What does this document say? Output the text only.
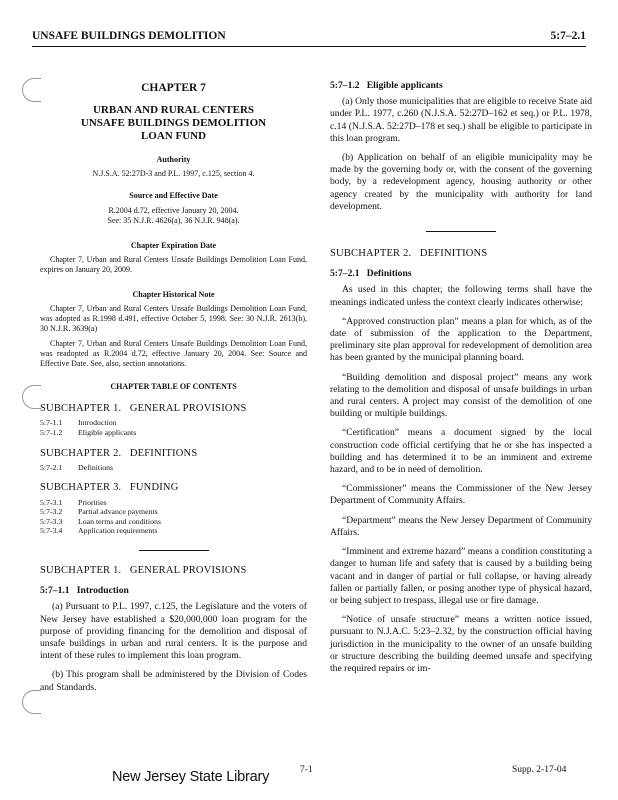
UNSAFE BUILDINGS DEMOLITION	5:7–2.1
CHAPTER 7
URBAN AND RURAL CENTERS UNSAFE BUILDINGS DEMOLITION LOAN FUND
Authority
N.J.S.A. 52:27D-3 and P.L. 1997, c.125, section 4.
Source and Effective Date
R.2004 d.72, effective January 20, 2004.
See: 35 N.J.R. 4626(a), 36 N.J.R. 948(a).
Chapter Expiration Date
Chapter 7, Urban and Rural Centers Unsafe Buildings Demolition Loan Fund, expires on January 20, 2009.
Chapter Historical Note
Chapter 7, Urban and Rural Centers Unsafe Buildings Demolition Loan Fund, was adopted as R.1998 d.491, effective October 5, 1998. See: 30 N.J.R. 2613(b), 30 N.J.R. 3639(a)
Chapter 7, Urban and Rural Centers Unsafe Buildings Demolition Loan Fund, was readopted as R.2004 d.72, effective January 20, 2004. See: Source and Effective Date. See, also, section annotations.
CHAPTER TABLE OF CONTENTS
SUBCHAPTER 1.   GENERAL PROVISIONS
5:7-1.1	Introduction
5:7-1.2	Eligible applicants
SUBCHAPTER 2.   DEFINITIONS
5:7-2.1	Definitions
SUBCHAPTER 3.   FUNDING
5:7-3.1	Priorities
5:7-3.2	Partial advance payments
5:7-3.3	Loan terms and conditions
5:7-3.4	Application requirements
SUBCHAPTER 1.   GENERAL PROVISIONS
5:7–1.1   Introduction

(a) Pursuant to P.L. 1997, c.125, the Legislature and the voters of New Jersey have established a $20,000,000 loan program for the purpose of providing financing for the demolition and disposal of unsafe buildings in urban and rural centers. It is the purpose and intent of these rules to implement this loan program.

(b) This program shall be administered by the Division of Codes and Standards.

5:7–1.2   Eligible applicants

(a) Only those municipalities that are eligible to receive State aid under P.L. 1977, c.260 (N.J.S.A. 52:27D–162 et seq.) or P.L. 1978, c.14 (N.J.S.A. 52:27D–178 et seq.) shall be eligible to participate in this loan program.

(b) Application on behalf of an eligible municipality may be made by the governing body or, with the consent of the governing body, by a redevelopment agency, housing authority or other agency created by the municipality with authority for land development.

SUBCHAPTER 2.   DEFINITIONS
5:7–2.1   Definitions

As used in this chapter, the following terms shall have the meanings indicated unless the context clearly indicates otherwise:

“Approved construction plan” means a plan for which, as of the date of submission of the application to the Department, preliminary site plan approval for redevelopment of demolition area has been granted by the municipal planning board.

“Building demolition and disposal project” means any work relating to the demolition and disposal of unsafe buildings in urban and rural centers. A project may consist of the demolition of one building or multiple buildings.

“Certification” means a document signed by the local construction code official certifying that he or she has inspected a building and has determined it to be an imminent and extreme hazard, and to be in need of demolition.

“Commissioner” means the Commissioner of the New Jersey Department of Community Affairs.

“Department” means the New Jersey Department of Community Affairs.

“Imminent and extreme hazard” means a condition constituting a danger to human life and safety that is caused by a building being vacant and in danger of partial or full collapse, or having already fallen or partially fallen, or posing another type of physical hazard, or being subject to trespass, illegal use or fire damage.

“Notice of unsafe structure” means a written notice issued, pursuant to N.J.A.C. 5:23–2.32, by the construction official having jurisdiction in the municipality to the owner of an unsafe building or structure describing the building deemed unsafe and specifying the required repairs or im-

7-1	Supp. 2-17-04
New Jersey State Library
